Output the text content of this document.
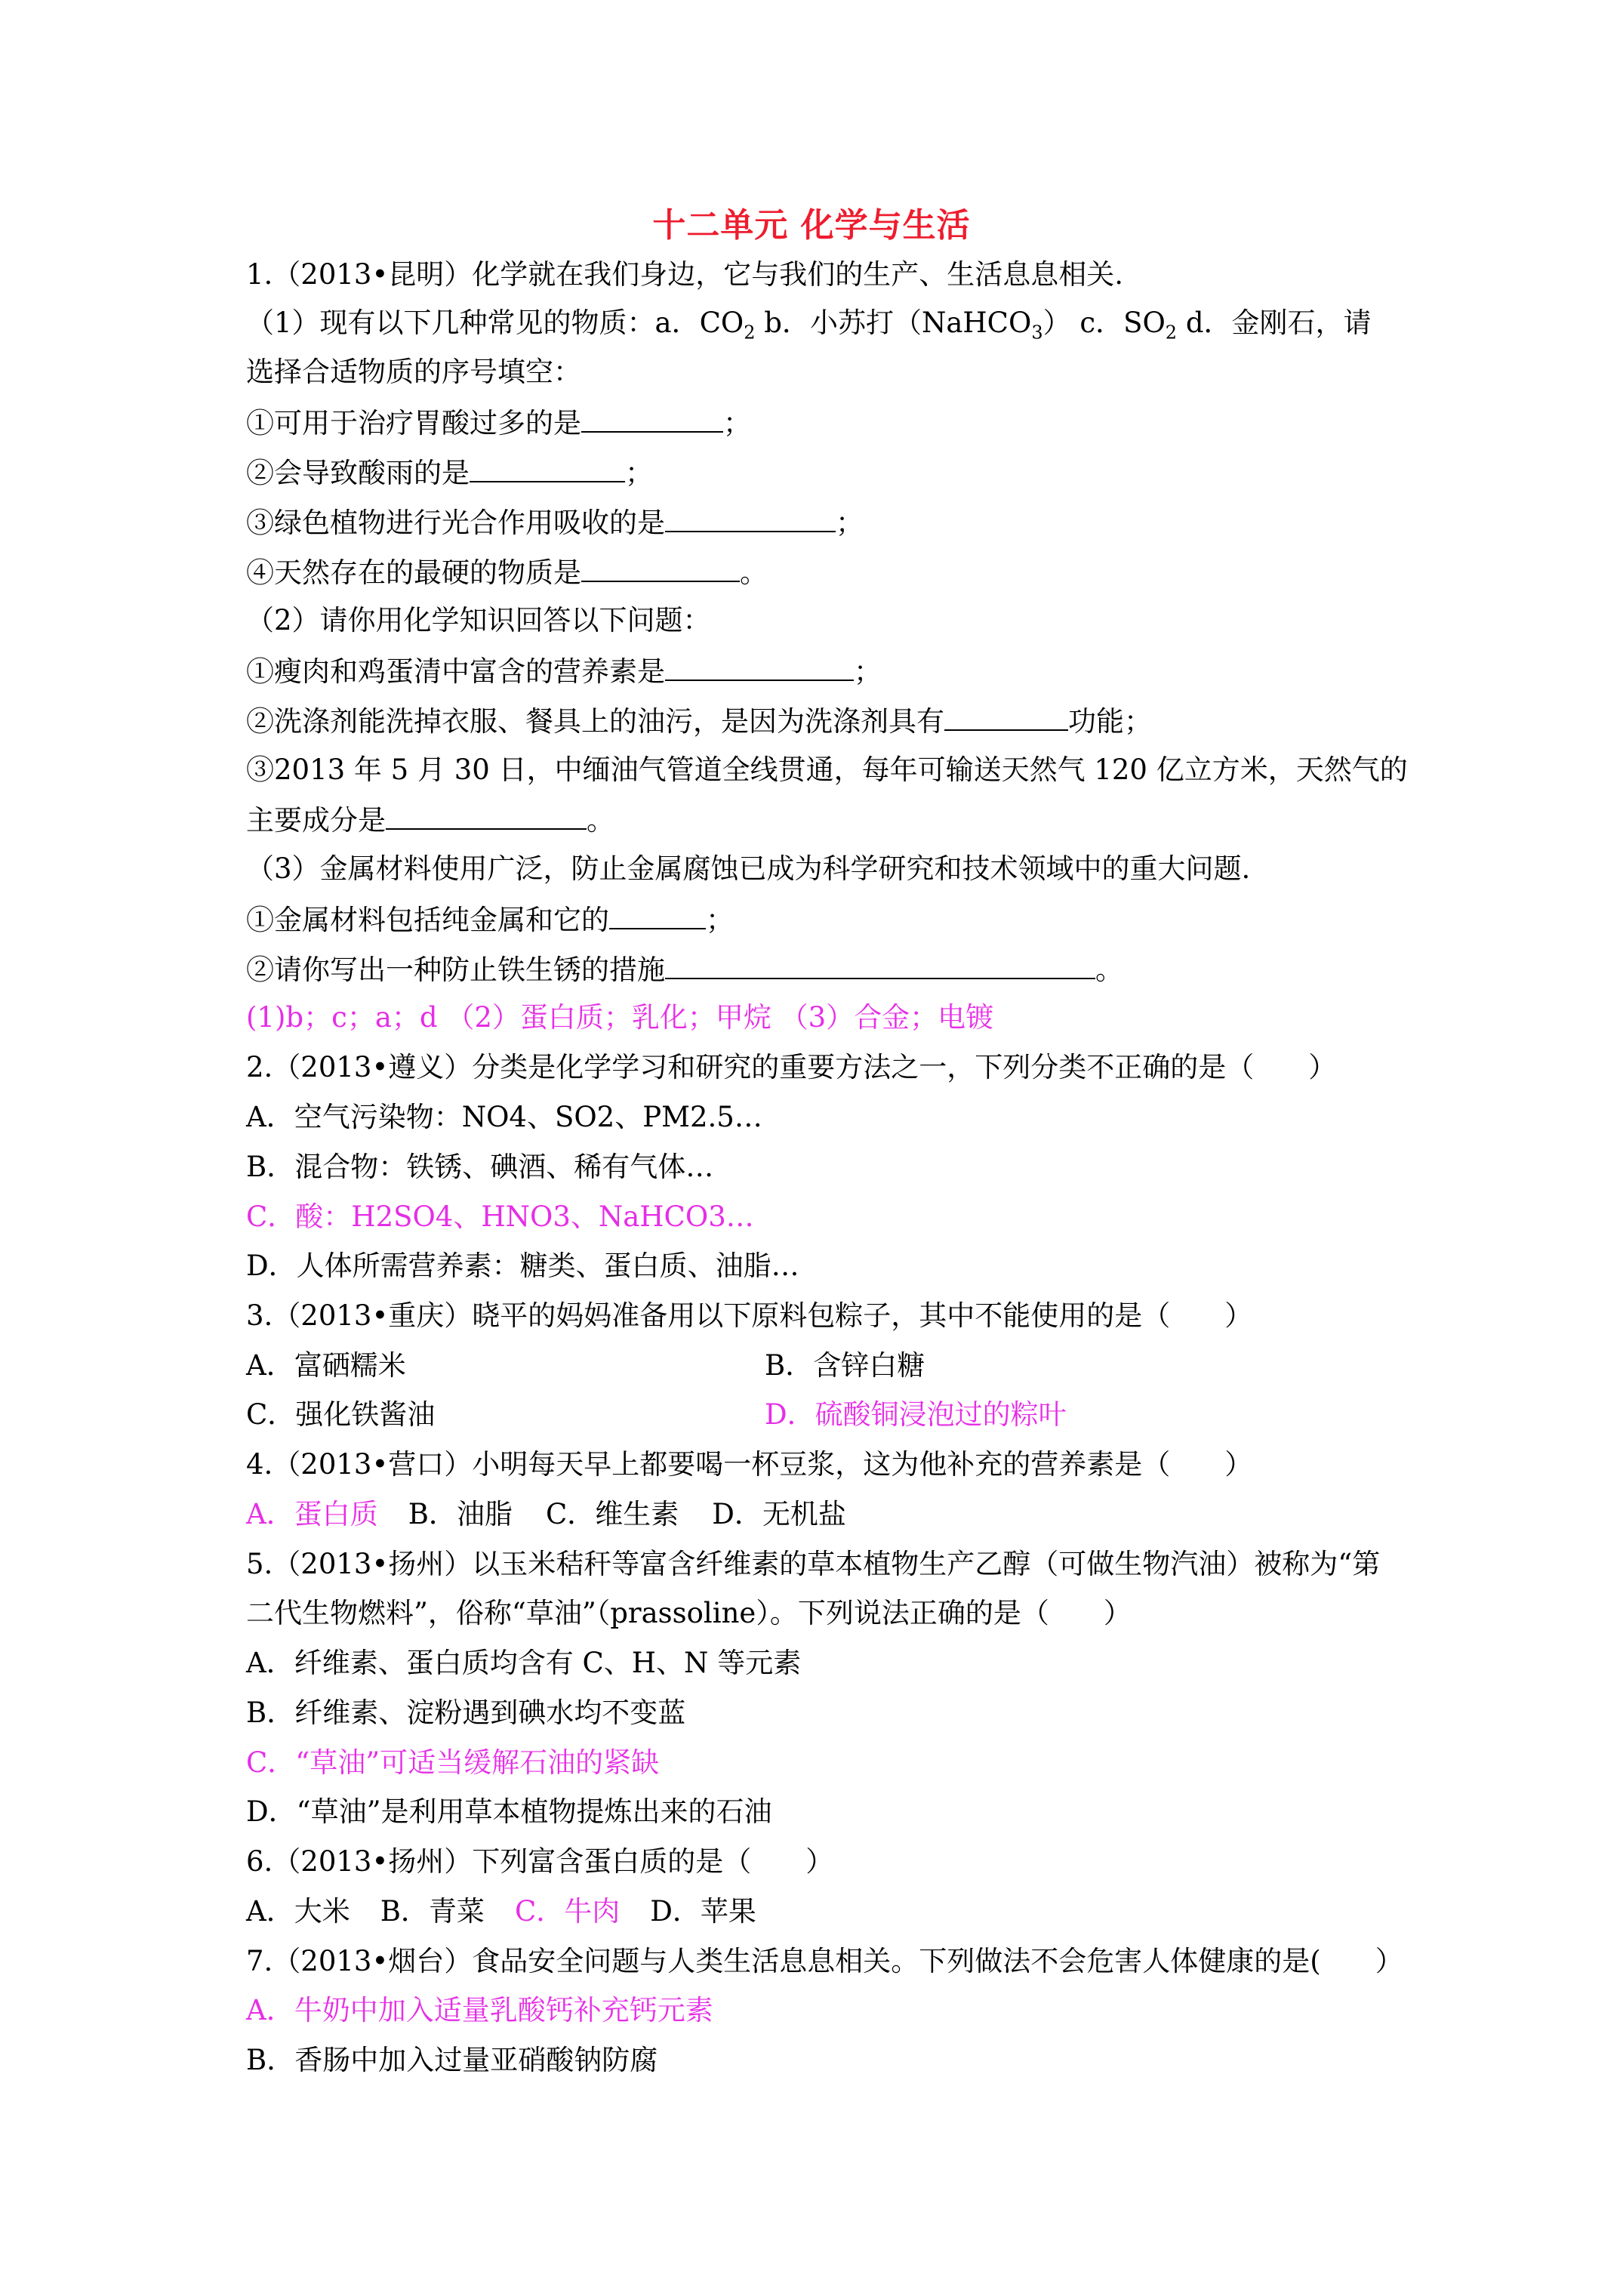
十二单元 化学与生活
1.（2013•昆明）化学就在我们身边，它与我们的生产、生活息息相关.
（1）现有以下几种常见的物质：a．$CO_2$ b．小苏打（NaHCO$_3$） c．$SO_2$ d．金刚石，请
选择合适物质的序号填空：
①可用于治疗胃酸过多的是	；
②会导致酸雨的是	；
③绿色植物进行光合作用吸收的是	；
④天然存在的最硬的物质是	。
（2）请你用化学知识回答以下问题：
①瘦肉和鸡蛋清中富含的营养素是	；
②洗涤剂能洗掉衣服、餐具上的油污，是因为洗涤剂具有	功能；
③2013 年 5 月 30 日，中缅油气管道全线贯通，每年可输送天然气 120 亿立方米，天然气的
主要成分是	。
（3）金属材料使用广泛，防止金属腐蚀已成为科学研究和技术领域中的重大问题.
①金属材料包括纯金属和它的	；
②请你写出一种防止铁生锈的措施	。
(1)b；c；a；d （2）蛋白质；乳化；甲烷 （3）合金；电镀
2.（2013•遵义）分类是化学学习和研究的重要方法之一，下列分类不正确的是（ ）
A．空气污染物：NO4、SO2、PM2.5…
B．混合物：铁锈、碘酒、稀有气体…
C．酸：H2SO4、HNO3、NaHCO3…
D．人体所需营养素：糖类、蛋白质、油脂…
3.（2013•重庆）晓平的妈妈准备用以下原料包粽子，其中不能使用的是（ ）
A．富硒糯米	B．含锌白糖
C．强化铁酱油	D．硫酸铜浸泡过的粽叶
4.（2013•营口）小明每天早上都要喝一杯豆浆，这为他补充的营养素是（ ）
A．蛋白质 B．油脂 C．维生素 D．无机盐
5.（2013•扬州）以玉米秸秆等富含纤维素的草本植物生产乙醇（可做生物汽油）被称为“第
二代生物燃料”，俗称“草油”（prassoline）。下列说法正确的是（ ）
A．纤维素、蛋白质均含有 C、H、N 等元素
B．纤维素、淀粉遇到碘水均不变蓝
C．“草油”可适当缓解石油的紧缺
D．“草油”是利用草本植物提炼出来的石油
6.（2013•扬州）下列富含蛋白质的是（ ）
A．大米 B．青菜 C．牛肉 D．苹果
7.（2013•烟台）食品安全问题与人类生活息息相关。下列做法不会危害人体健康的是( ）
A．牛奶中加入适量乳酸钙补充钙元素
B．香肠中加入过量亚硝酸钠防腐
